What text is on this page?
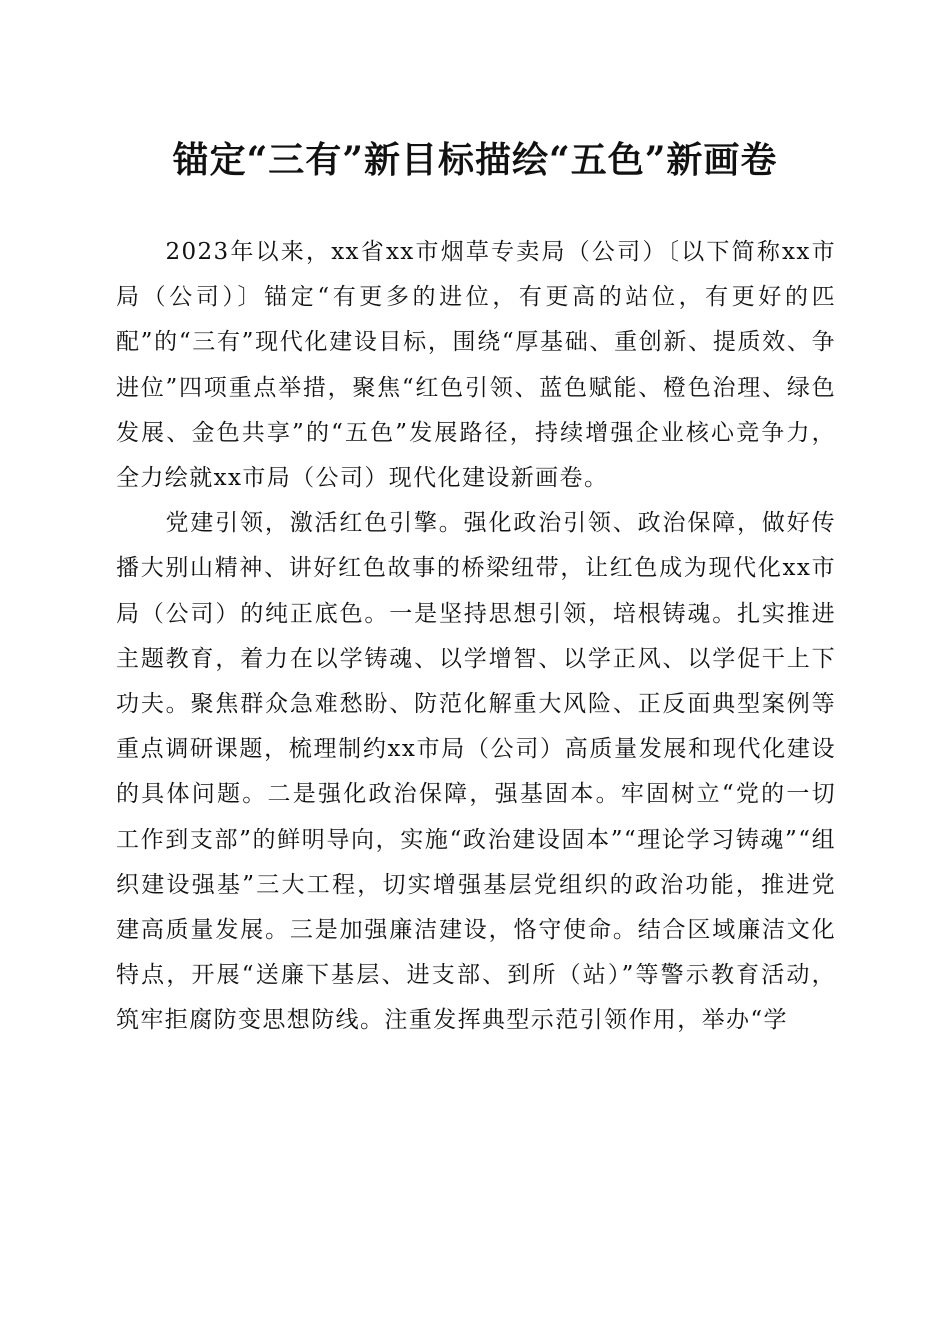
锚定“三有”新目标描绘“五色”新画卷

2023年以来，xx省xx市烟草专卖局（公司）〔以下简称xx市局（公司）〕锚定“有更多的进位，有更高的站位，有更好的匹配”的“三有”现代化建设目标，围绕“厚基础、重创新、提质效、争进位”四项重点举措，聚焦“红色引领、蓝色赋能、橙色治理、绿色发展、金色共享”的“五色”发展路径，持续增强企业核心竞争力，全力绘就xx市局（公司）现代化建设新画卷。

党建引领，激活红色引擎。强化政治引领、政治保障，做好传播大别山精神、讲好红色故事的桥梁纽带，让红色成为现代化xx市局（公司）的纯正底色。一是坚持思想引领，培根铸魂。扎实推进主题教育，着力在以学铸魂、以学增智、以学正风、以学促干上下功夫。聚焦群众急难愁盼、防范化解重大风险、正反面典型案例等重点调研课题，梳理制约xx市局（公司）高质量发展和现代化建设的具体问题。二是强化政治保障，强基固本。牢固树立“党的一切工作到支部”的鲜明导向，实施“政治建设固本”“理论学习铸魂”“组织建设强基”三大工程，切实增强基层党组织的政治功能，推进党建高质量发展。三是加强廉洁建设，恪守使命。结合区域廉洁文化特点，开展“送廉下基层、进支部、到所（站）”等警示教育活动，筑牢拒腐防变思想防线。注重发挥典型示范引领作用，举办“学
